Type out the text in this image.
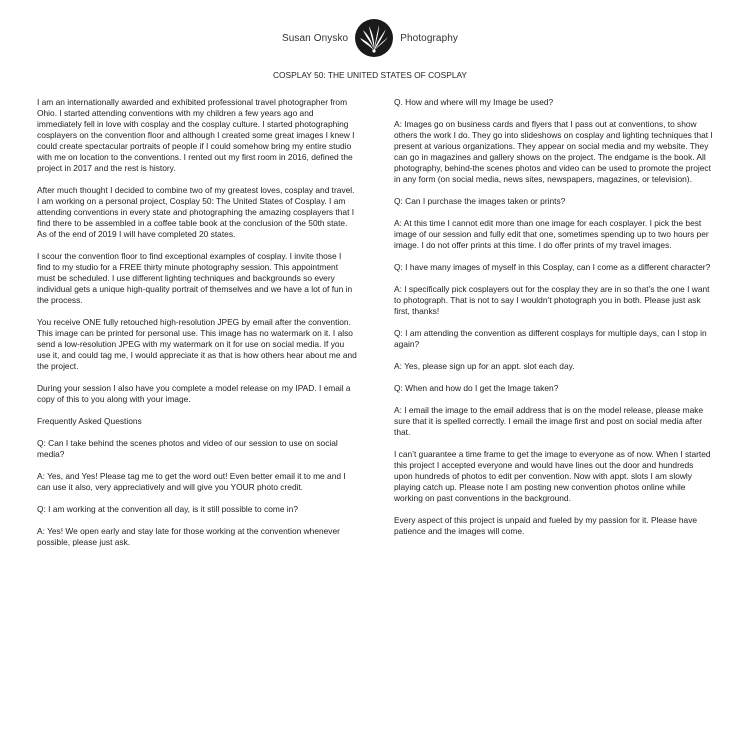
Susan Onysko	Photography
COSPLAY 50: THE UNITED STATES OF COSPLAY

I am an internationally awarded and exhibited professional travel photographer from Ohio. I started attending conventions with my children a few years ago and immediately fell in love with cosplay and the cosplay culture. I started photographing cosplayers on the convention floor and although I created some great images I knew I could create spectacular portraits of people if I could somehow bring my entire studio with me on location to the conventions. I rented out my first room in 2016, defined the project in 2017 and the rest is history.

After much thought I decided to combine two of my greatest loves, cosplay and travel. I am working on a personal project, Cosplay 50: The United States of Cosplay. I am attending conventions in every state and photographing the amazing cosplayers that I find there to be assembled in a coffee table book at the conclusion of the 50th state. As of the end of 2019 I will have completed 20 states.

I scour the convention floor to find exceptional examples of cosplay. I invite those I find to my studio for a FREE thirty minute photography session. This appointment must be scheduled. I use different lighting techniques and backgrounds so every individual gets a unique high-quality portrait of themselves and we have a lot of fun in the process.

You receive ONE fully retouched high-resolution JPEG by email after the convention. This image can be printed for personal use. This image has no watermark on it. I also send a low-resolution JPEG with my watermark on it for use on social media. If you use it, and could tag me, I would appreciate it as that is how others hear about me and the project.

During your session I also have you complete a model release on my IPAD. I email a copy of this to you along with your image.

Frequently Asked Questions

Q: Can I take behind the scenes photos and video of our session to use on social media?

A: Yes, and Yes! Please tag me to get the word out! Even better email it to me and I can use it also, very appreciatively and will give you YOUR photo credit.

Q: I am working at the convention all day, is it still possible to come in?

A: Yes! We open early and stay late for those working at the convention whenever possible, please just ask.

Q. How and where will my Image be used?

A: Images go on business cards and flyers that I pass out at conventions, to show others the work I do. They go into slideshows on cosplay and lighting techniques that I present at various organizations. They appear on social media and my website. They can go in magazines and gallery shows on the project. The endgame is the book. All photography, behind-the scenes photos and video can be used to promote the project in any form (on social media, news sites, newspapers, magazines, or television).

Q: Can I purchase the images taken or prints?

A: At this time I cannot edit more than one image for each cosplayer. I pick the best image of our session and fully edit that one, sometimes spending up to two hours per image. I do not offer prints at this time. I do offer prints of my travel images.

Q: I have many images of myself in this Cosplay, can I come as a different character?

A: I specifically pick cosplayers out for the cosplay they are in so that’s the one I want to photograph. That is not to say I wouldn’t photograph you in both. Please just ask first, thanks!

Q: I am attending the convention as different cosplays for multiple days, can I stop in again?

A: Yes, please sign up for an appt. slot each day.

Q: When and how do I get the Image taken?

A: I email the image to the email address that is on the model release, please make sure that it is spelled correctly. I email the image first and post on social media after that.

I can’t guarantee a time frame to get the image to everyone as of now. When I started this project I accepted everyone and would have lines out the door and hundreds upon hundreds of photos to edit per convention. Now with appt. slots I am slowly playing catch up. Please note I am posting new convention photos online while working on past conventions in the background.

Every aspect of this project is unpaid and fueled by my passion for it. Please have patience and the images will come.
